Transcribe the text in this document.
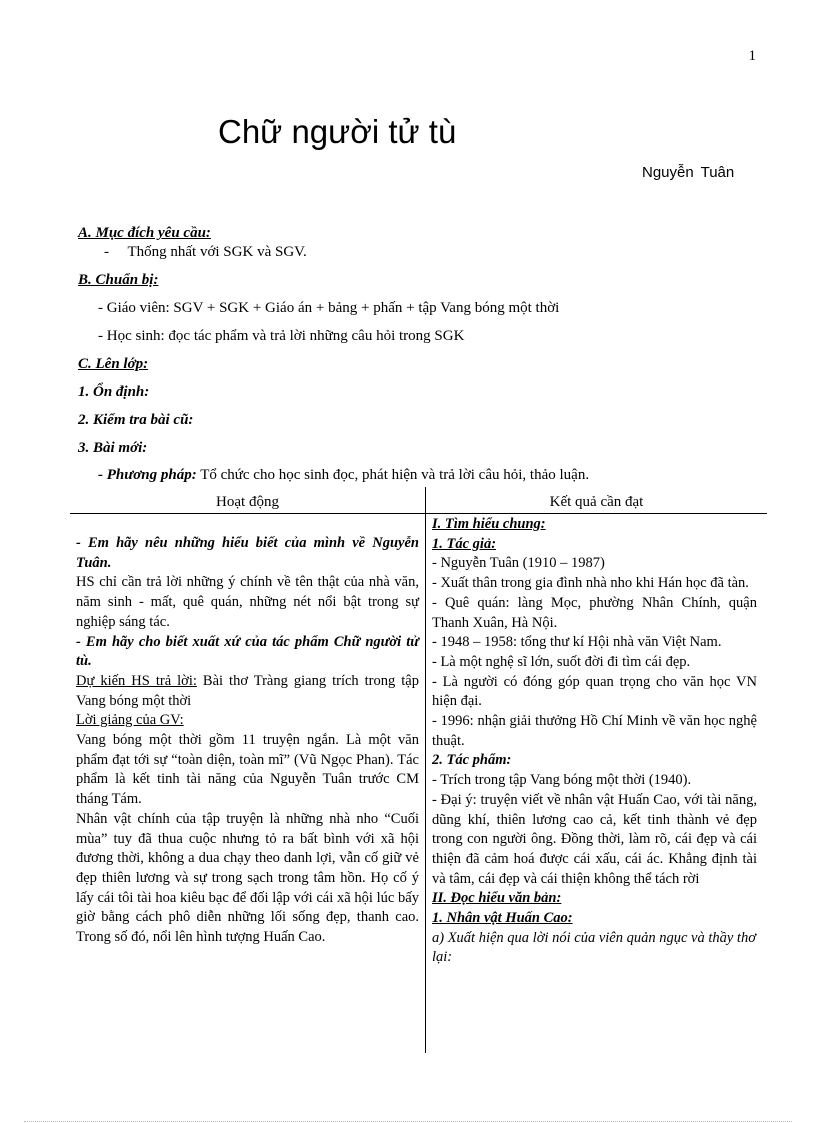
1
Chữ người tử tù
Nguyễn Tuân
A. Mục đích yêu cầu:
-     Thống nhất với SGK và SGV.
B. Chuẩn bị:
- Giáo viên: SGV + SGK + Giáo án + bảng + phấn + tập Vang bóng một thời
- Học sinh: đọc tác phẩm và trả lời những câu hỏi trong SGK
C. Lên lớp:
1. Ổn định:
2. Kiểm tra bài cũ:
3. Bài mới:
- Phương pháp: Tổ chức cho học sinh đọc, phát hiện và trả lời câu hỏi, thảo luận.
Hoạt động	Kết quả cần đạt

- Em hãy nêu những hiểu biết của mình về Nguyễn Tuân.

HS chỉ cần trả lời những ý chính về tên thật của nhà văn, năm sinh - mất, quê quán, những nét nổi bật trong sự nghiệp sáng tác.

- Em hãy cho biết xuất xứ của tác phẩm Chữ người tử tù.

Dự kiến HS trả lời: Bài thơ Tràng giang trích trong tập Vang bóng một thời

Lời giảng của GV:

Vang bóng một thời gồm 11 truyện ngắn. Là một văn phẩm đạt tới sự “toàn diện, toàn mĩ” (Vũ Ngọc Phan). Tác phẩm là kết tinh tài năng của Nguyễn Tuân trước CM tháng Tám.

Nhân vật chính của tập truyện là những nhà nho “Cuối mùa” tuy đã thua cuộc nhưng tỏ ra bất bình với xã hội đương thời, không a dua chạy theo danh lợi, vẫn cố giữ vẻ đẹp thiên lương và sự trong sạch trong tâm hồn. Họ cố ý lấy cái tôi tài hoa kiêu bạc để đối lập với cái xã hội lúc bấy giờ bằng cách phô diễn những lối sống đẹp, thanh cao. Trong số đó, nổi lên hình tượng Huấn Cao.

I. Tìm hiểu chung:

1. Tác giả:

- Nguyễn Tuân (1910 – 1987)

- Xuất thân trong gia đình nhà nho khi Hán học đã tàn.

- Quê quán: làng Mọc, phường Nhân Chính, quận Thanh Xuân, Hà Nội.

- 1948 – 1958: tổng thư kí Hội nhà văn Việt Nam.

- Là một nghệ sĩ lớn, suốt đời đi tìm cái đẹp.

- Là người có đóng góp quan trọng cho văn học VN hiện đại.

- 1996: nhận giải thưởng Hồ Chí Minh về văn học nghệ thuật.

2. Tác phẩm:

- Trích trong tập Vang bóng một thời (1940).

- Đại ý: truyện viết về nhân vật Huấn Cao, với tài năng, dũng khí, thiên lương cao cả, kết tinh thành vẻ đẹp trong con người ông. Đồng thời, làm rõ, cái đẹp và cái thiện đã cảm hoá được cái xấu, cái ác. Khẳng định tài và tâm, cái đẹp và cái thiện không thể tách rời

II. Đọc hiểu văn bản:

1. Nhân vật Huấn Cao:

a) Xuất hiện qua lời nói của viên quản ngục và thầy thơ lại:
